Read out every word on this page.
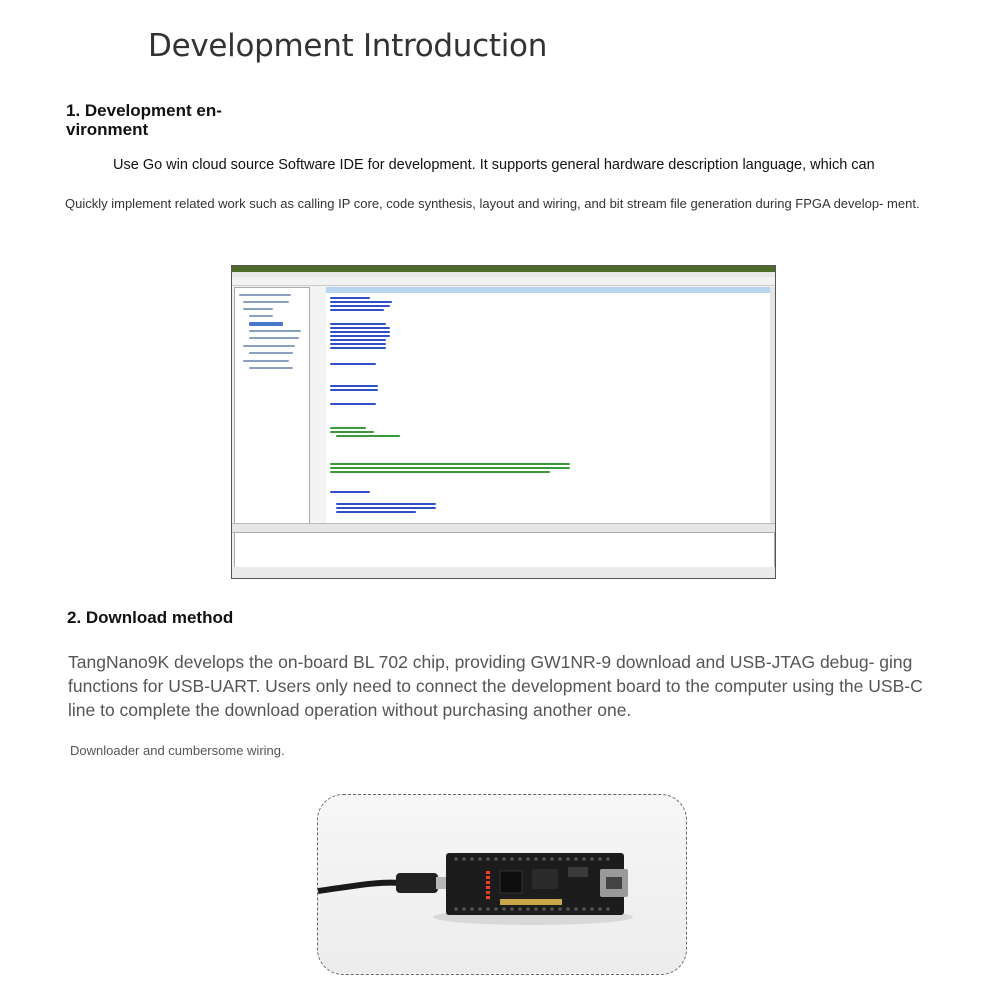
Development Introduction
1. Development en- vironment
Use Go win cloud source Software IDE for development. It supports general hardware description language, which can
Quickly implement related work such as calling IP core, code synthesis, layout and wiring, and bit stream file generation during FPGA develop- ment.
2. Download method
TangNano9K develops the on-board BL 702 chip, providing GW1NR-9 download and USB-JTAG debug- ging functions for USB-UART. Users only need to connect the development board to the computer using the USB-C line to complete the download operation without purchasing another one.
Downloader and cumbersome wiring.
